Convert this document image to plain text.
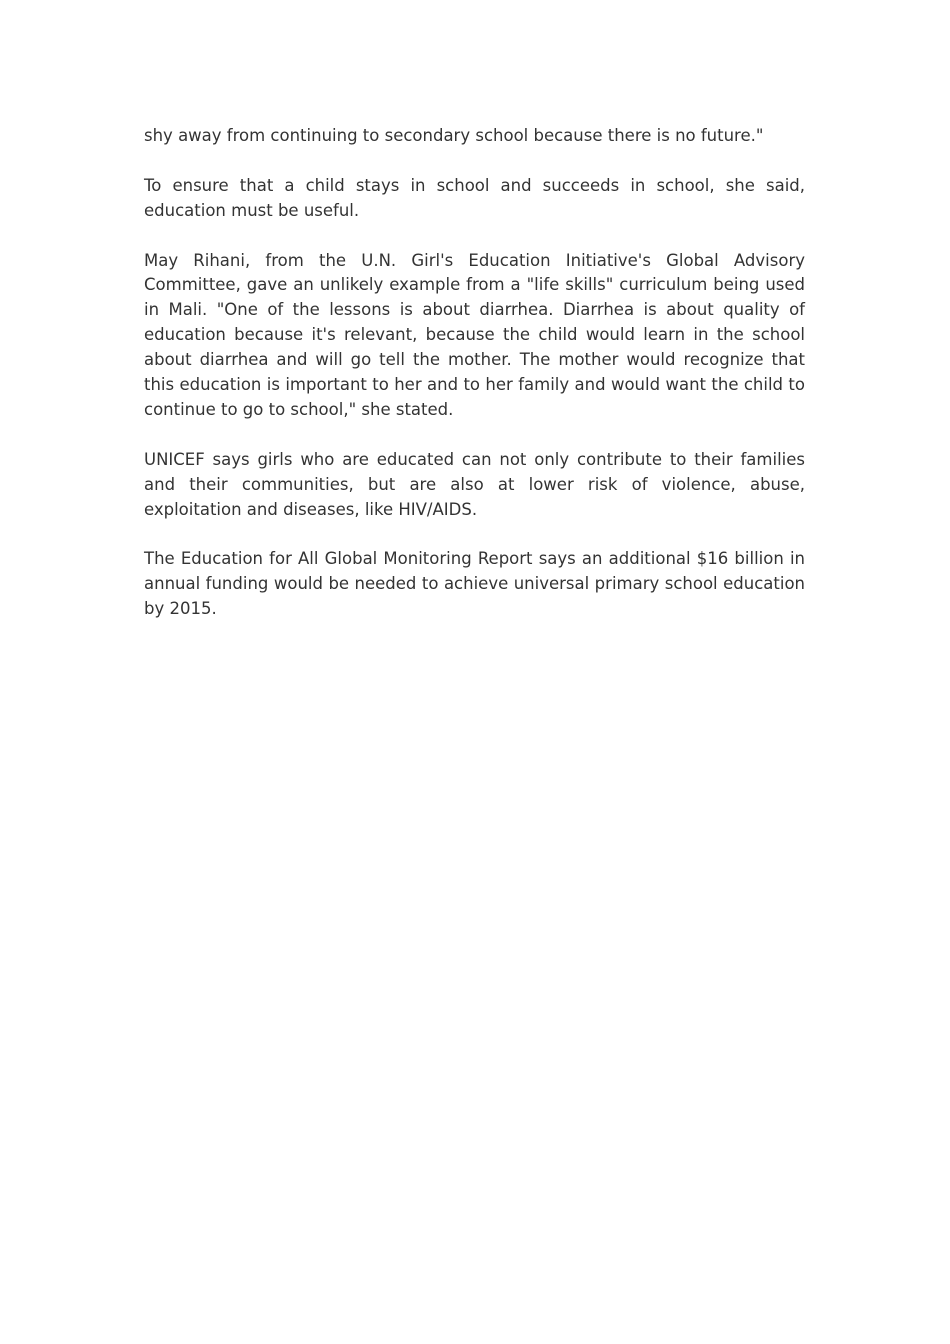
shy away from continuing to secondary school because there is no future."

To ensure that a child stays in school and succeeds in school, she said, education must be useful.

May Rihani, from the U.N. Girl's Education Initiative's Global Advisory Committee, gave an unlikely example from a "life skills" curriculum being used in Mali. "One of the lessons is about diarrhea. Diarrhea is about quality of education because it's relevant, because the child would learn in the school about diarrhea and will go tell the mother. The mother would recognize that this education is important to her and to her family and would want the child to continue to go to school," she stated.

UNICEF says girls who are educated can not only contribute to their families and their communities, but are also at lower risk of violence, abuse, exploitation and diseases, like HIV/AIDS.

The Education for All Global Monitoring Report says an additional $16 billion in annual funding would be needed to achieve universal primary school education by 2015.
